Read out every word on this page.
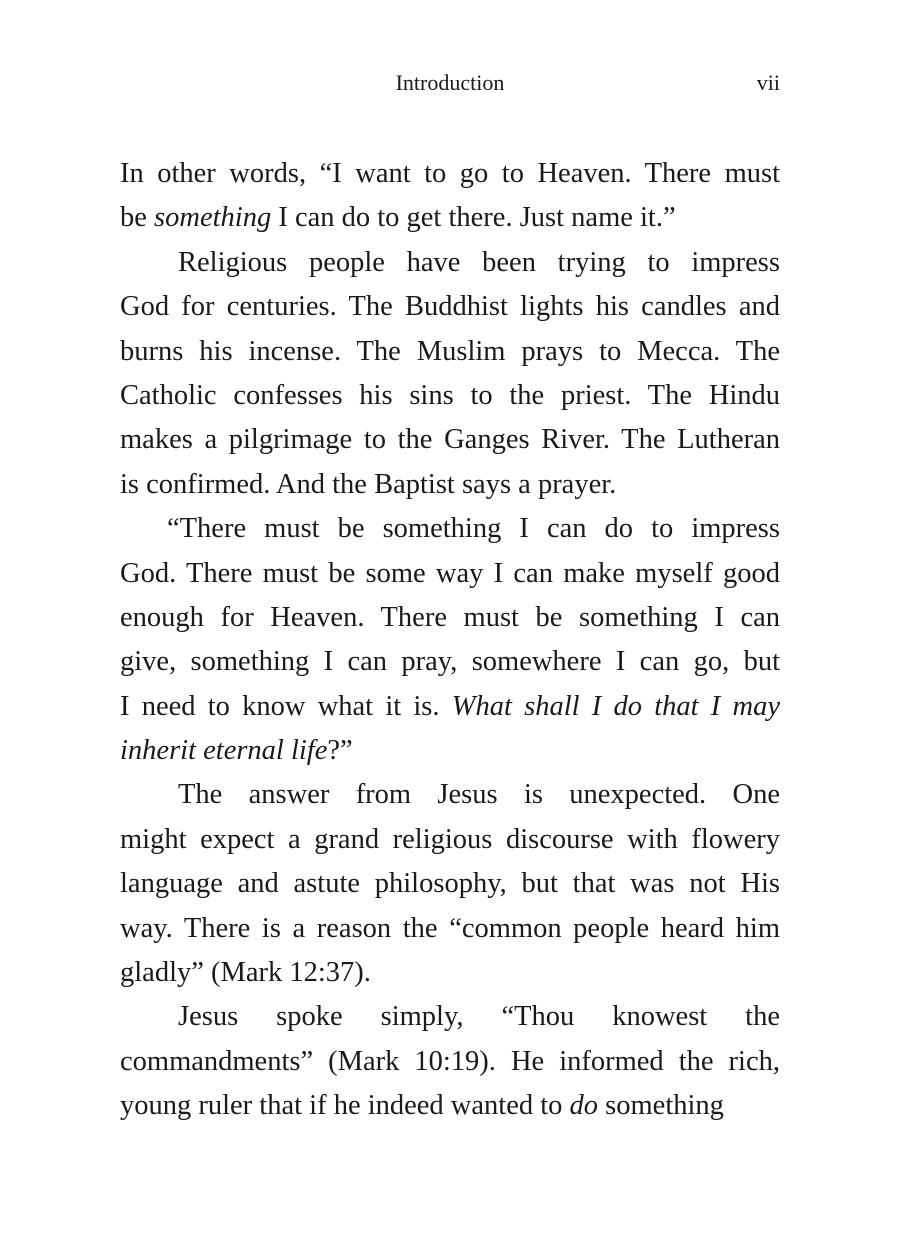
Introduction	vii
In other words, “I want to go to Heaven. There must
be something I can do to get there. Just name it.”
Religious people have been trying to impress
God for centuries. The Buddhist lights his candles and
burns his incense. The Muslim prays to Mecca. The
Catholic confesses his sins to the priest. The Hindu
makes a pilgrimage to the Ganges River. The Lutheran
is confirmed. And the Baptist says a prayer.
“There must be something I can do to impress
God. There must be some way I can make myself good
enough for Heaven. There must be something I can
give, something I can pray, somewhere I can go, but
I need to know what it is. What shall I do that I may
inherit eternal life?”
The answer from Jesus is unexpected. One
might expect a grand religious discourse with flowery
language and astute philosophy, but that was not His
way. There is a reason the “common people heard him
gladly” (Mark 12:37).
Jesus spoke simply, “Thou knowest the
commandments” (Mark 10:19). He informed the rich,
young ruler that if he indeed wanted to do something
